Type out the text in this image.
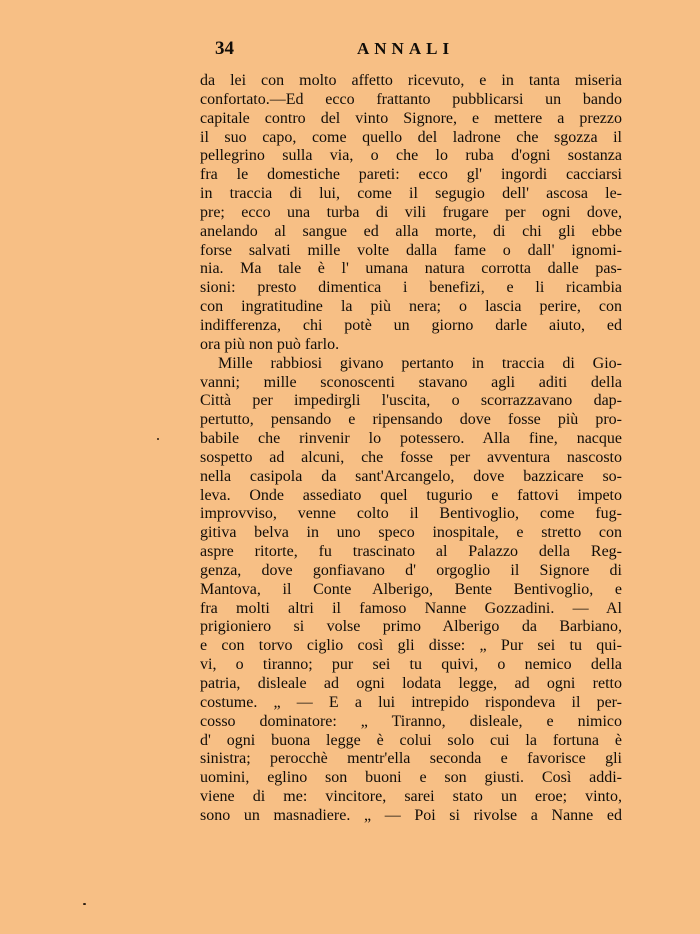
34	ANNALI
da lei con molto affetto ricevuto, e in tanta miseria
confortato.—Ed ecco frattanto pubblicarsi un bando
capitale contro del vinto Signore, e mettere a prezzo
il suo capo, come quello del ladrone che sgozza il
pellegrino sulla via, o che lo ruba d'ogni sostanza
fra le domestiche pareti: ecco gl' ingordi cacciarsi
in traccia di lui, come il segugio dell' ascosa le-
pre; ecco una turba di vili frugare per ogni dove,
anelando al sangue ed alla morte, di chi gli ebbe
forse salvati mille volte dalla fame o dall' ignomi-
nia. Ma tale è l' umana natura corrotta dalle pas-
sioni: presto dimentica i benefizi, e li ricambia
con ingratitudine la più nera; o lascia perire, con
indifferenza, chi potè un giorno darle aiuto, ed
ora più non può farlo.
Mille rabbiosi givano pertanto in traccia di Gio-
vanni; mille sconoscenti stavano agli aditi della
Città per impedirgli l'uscita, o scorrazzavano dap-
pertutto, pensando e ripensando dove fosse più pro-
babile che rinvenir lo potessero. Alla fine, nacque
sospetto ad alcuni, che fosse per avventura nascosto
nella casipola da sant'Arcangelo, dove bazzicare so-
leva. Onde assediato quel tugurio e fattovi impeto
improvviso, venne colto il Bentivoglio, come fug-
gitiva belva in uno speco inospitale, e stretto con
aspre ritorte, fu trascinato al Palazzo della Reg-
genza, dove gonfiavano d' orgoglio il Signore di
Mantova, il Conte Alberigo, Bente Bentivoglio, e
fra molti altri il famoso Nanne Gozzadini. — Al
prigioniero si volse primo Alberigo da Barbiano,
e con torvo ciglio così gli disse: „ Pur sei tu qui-
vi, o tiranno; pur sei tu quivi, o nemico della
patria, disleale ad ogni lodata legge, ad ogni retto
costume. „ — E a lui intrepido rispondeva il per-
cosso dominatore: „ Tiranno, disleale, e nimico
d' ogni buona legge è colui solo cui la fortuna è
sinistra; perocchè mentr'ella seconda e favorisce gli
uomini, eglino son buoni e son giusti. Così addi-
viene di me: vincitore, sarei stato un eroe; vinto,
sono un masnadiere. „ — Poi si rivolse a Nanne ed
